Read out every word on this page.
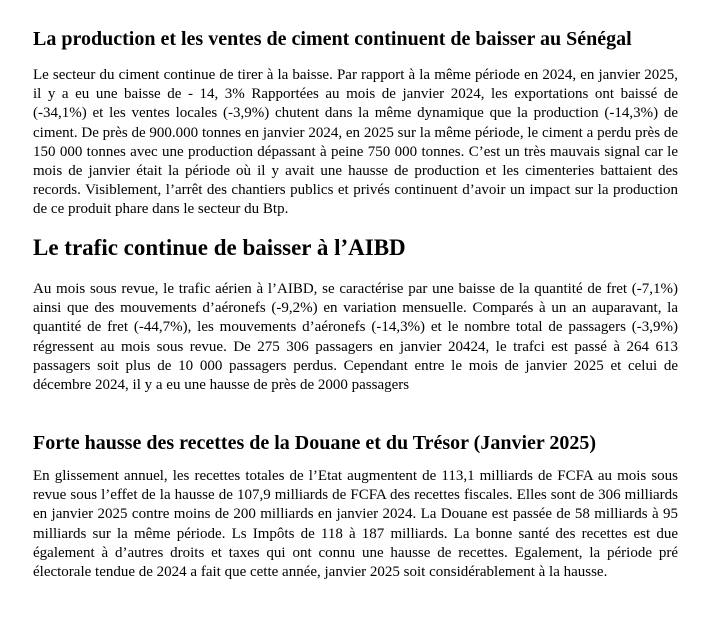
La production et les ventes de ciment continuent de baisser au Sénégal

Le secteur du ciment continue de tirer à la baisse. Par rapport à la même période en 2024, en janvier 2025, il y a eu une baisse de - 14, 3% Rapportées au mois de janvier 2024, les exportations ont baissé de (-34,1%) et les ventes locales (-3,9%) chutent dans la même dynamique que la production (-14,3%) de ciment. De près de 900.000 tonnes en janvier 2024, en 2025 sur la même période, le ciment a perdu près de 150 000 tonnes avec une production dépassant à peine 750 000 tonnes. C’est un très mauvais signal car le mois de janvier était la période où il y avait une hausse de production et les cimenteries battaient des records. Visiblement, l’arrêt des chantiers publics et privés continuent d’avoir un impact sur la production de ce produit phare dans le secteur du Btp.

Le trafic continue de baisser à l’AIBD

Au mois sous revue, le trafic aérien à l’AIBD, se caractérise par une baisse de la quantité de fret (-7,1%) ainsi que des mouvements d’aéronefs (-9,2%) en variation mensuelle. Comparés à un an auparavant, la quantité de fret (-44,7%), les mouvements d’aéronefs (-14,3%) et le nombre total de passagers (-3,9%) régressent au mois sous revue. De 275 306 passagers en janvier 20424, le trafci est passé à 264 613 passagers soit plus de 10 000 passagers perdus. Cependant entre le mois de janvier 2025 et celui de décembre 2024, il y a eu une hausse de près de 2000 passagers

Forte hausse des recettes de la Douane et du Trésor (Janvier 2025)

En glissement annuel, les recettes totales de l’Etat augmentent de 113,1 milliards de FCFA au mois sous revue sous l’effet de la hausse de 107,9 milliards de FCFA des recettes fiscales. Elles sont de 306 milliards en janvier 2025 contre moins de 200 milliards en janvier 2024. La Douane est passée de 58 milliards à 95 milliards sur la même période. Ls Impôts de 118 à 187 milliards. La bonne santé des recettes est due également à d’autres droits et taxes qui ont connu une hausse de recettes. Egalement, la période pré électorale tendue de 2024 a fait que cette année, janvier 2025 soit considérablement à la hausse.
